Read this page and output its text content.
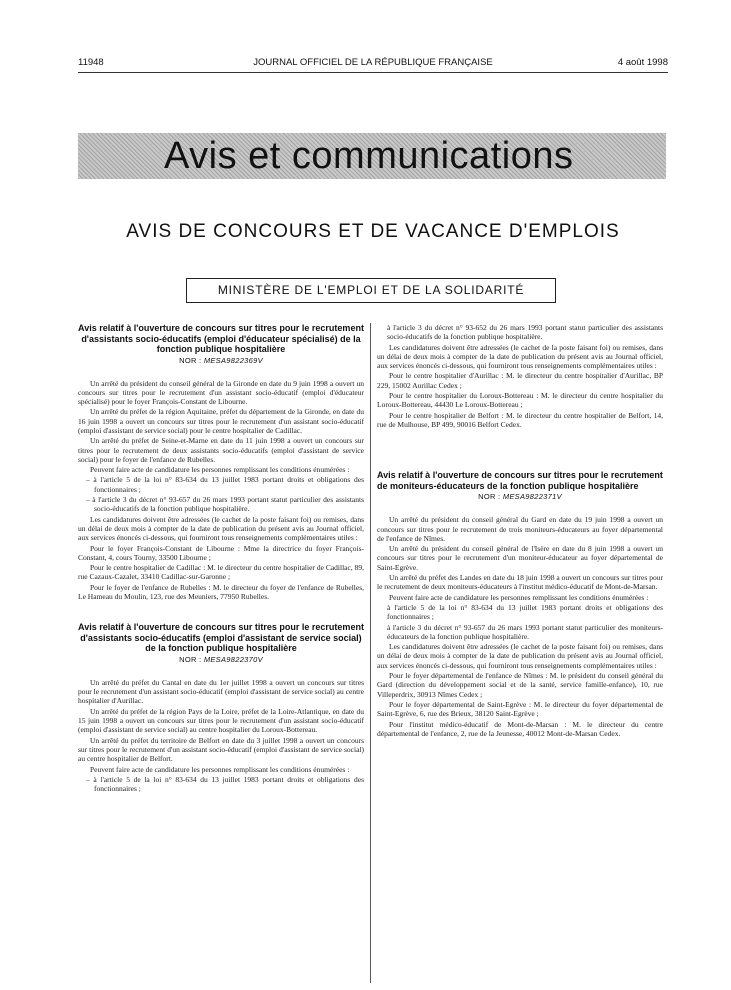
11948	JOURNAL OFFICIEL DE LA RÉPUBLIQUE FRANÇAISE	4 août 1998
Avis et communications
AVIS DE CONCOURS ET DE VACANCE D'EMPLOIS
MINISTÈRE DE L'EMPLOI ET DE LA SOLIDARITÉ

Avis relatif à l'ouverture de concours sur titres pour le recrutement d'assistants socio-éducatifs (emploi d'éducateur spécialisé) de la fonction publique hospitalière

NOR : MESA9822369V

Un arrêté du président du conseil général de la Gironde en date du 9 juin 1998 a ouvert un concours sur titres pour le recrutement d'un assistant socio-éducatif (emploi d'éducateur spécialisé) pour le foyer François-Constant de Libourne.

Un arrêté du préfet de la région Aquitaine, préfet du département de la Gironde, en date du 16 juin 1998 a ouvert un concours sur titres pour le recrutement d'un assistant socio-éducatif (emploi d'assistant de service social) pour le centre hospitalier de Cadillac.

Un arrêté du préfet de Seine-et-Marne en date du 11 juin 1998 a ouvert un concours sur titres pour le recrutement de deux assistants socio-éducatifs (emploi d'assistant de service social) pour le foyer de l'enfance de Rubelles.

Peuvent faire acte de candidature les personnes remplissant les conditions énumérées :

– à l'article 5 de la loi n° 83-634 du 13 juillet 1983 portant droits et obligations des fonctionnaires ;

– à l'article 3 du décret n° 93-657 du 26 mars 1993 portant statut particulier des assistants socio-éducatifs de la fonction publique hospitalière.

Les candidatures doivent être adressées (le cachet de la poste faisant foi) ou remises, dans un délai de deux mois à compter de la date de publication du présent avis au Journal officiel, aux services énoncés ci-dessous, qui fourniront tous renseignements complémentaires utiles :

Pour le foyer François-Constant de Libourne : Mme la directrice du foyer François-Constant, 4, cours Tourny, 33500 Libourne ;

Pour le centre hospitalier de Cadillac : M. le directeur du centre hospitalier de Cadillac, 89, rue Cazaux-Cazalet, 33410 Cadillac-sur-Garonne ;

Pour le foyer de l'enfance de Rubelles : M. le directeur du foyer de l'enfance de Rubelles, Le Hameau du Moulin, 123, rue des Meuniers, 77950 Rubelles.

Avis relatif à l'ouverture de concours sur titres pour le recrutement d'assistants socio-éducatifs (emploi d'assistant de service social) de la fonction publique hospitalière

NOR : MESA9822370V

Un arrêté du préfet du Cantal en date du 1er juillet 1998 a ouvert un concours sur titres pour le recrutement d'un assistant socio-éducatif (emploi d'assistant de service social) au centre hospitalier d'Aurillac.

Un arrêté du préfet de la région Pays de la Loire, préfet de la Loire-Atlantique, en date du 15 juin 1998 a ouvert un concours sur titres pour le recrutement d'un assistant socio-éducatif (emploi d'assistant de service social) au centre hospitalier du Loroux-Bottereau.

Un arrêté du préfet du territoire de Belfort en date du 3 juillet 1998 a ouvert un concours sur titres pour le recrutement d'un assistant socio-éducatif (emploi d'assistant de service social) au centre hospitalier de Belfort.

Peuvent faire acte de candidature les personnes remplissant les conditions énumérées :

– à l'article 5 de la loi n° 83-634 du 13 juillet 1983 portant droits et obligations des fonctionnaires ;

à l'article 3 du décret n° 93-652 du 26 mars 1993 portant statut particulier des assistants socio-éducatifs de la fonction publique hospitalière.

Les candidatures doivent être adressées (le cachet de la poste faisant foi) ou remises, dans un délai de deux mois à compter de la date de publication du présent avis au Journal officiel, aux services énoncés ci-dessous, qui fourniront tous renseignements complémentaires utiles :

Pour le centre hospitalier d'Aurillac : M. le directeur du centre hospitalier d'Aurillac, BP 229, 15002 Aurillac Cedex ;

Pour le centre hospitalier du Loroux-Bottereau : M. le directeur du centre hospitalier du Loroux-Bottereau, 44430 Le Loroux-Bottereau ;

Pour le centre hospitalier de Belfort : M. le directeur du centre hospitalier de Belfort, 14, rue de Mulhouse, BP 499, 90016 Belfort Cedex.

Avis relatif à l'ouverture de concours sur titres pour le recrutement de moniteurs-éducateurs de la fonction publique hospitalière

NOR : MESA9822371V

Un arrêté du président du conseil général du Gard en date du 19 juin 1998 a ouvert un concours sur titres pour le recrutement de trois moniteurs-éducateurs au foyer départemental de l'enfance de Nîmes.

Un arrêté du président du conseil général de l'Isère en date du 8 juin 1998 a ouvert un concours sur titres pour le recrutement d'un moniteur-éducateur au foyer départemental de Saint-Egrève.

Un arrêté du préfet des Landes en date du 18 juin 1998 a ouvert un concours sur titres pour le recrutement de deux moniteurs-éducateurs à l'institut médico-éducatif de Mont-de-Marsan.

Peuvent faire acte de candidature les personnes remplissant les conditions énumérées :

à l'article 5 de la loi n° 83-634 du 13 juillet 1983 portant droits et obligations des fonctionnaires ;

à l'article 3 du décret n° 93-657 du 26 mars 1993 portant statut particulier des moniteurs-éducateurs de la fonction publique hospitalière.

Les candidatures doivent être adressées (le cachet de la poste faisant foi) ou remises, dans un délai de deux mois à compter de la date de publication du présent avis au Journal officiel, aux services énoncés ci-dessous, qui fourniront tous renseignements complémentaires utiles :

Pour le foyer départemental de l'enfance de Nîmes : M. le président du conseil général du Gard (direction du développement social et de la santé, service famille-enfance), 10, rue Villeperdrix, 30913 Nîmes Cedex ;

Pour le foyer départemental de Saint-Egrève : M. le directeur du foyer départemental de Saint-Egrève, 6, rue des Brieux, 38120 Saint-Egrève ;

Pour l'institut médico-éducatif de Mont-de-Marsan : M. le directeur du centre départemental de l'enfance, 2, rue de la Jeunesse, 40012 Mont-de-Marsan Cedex.
